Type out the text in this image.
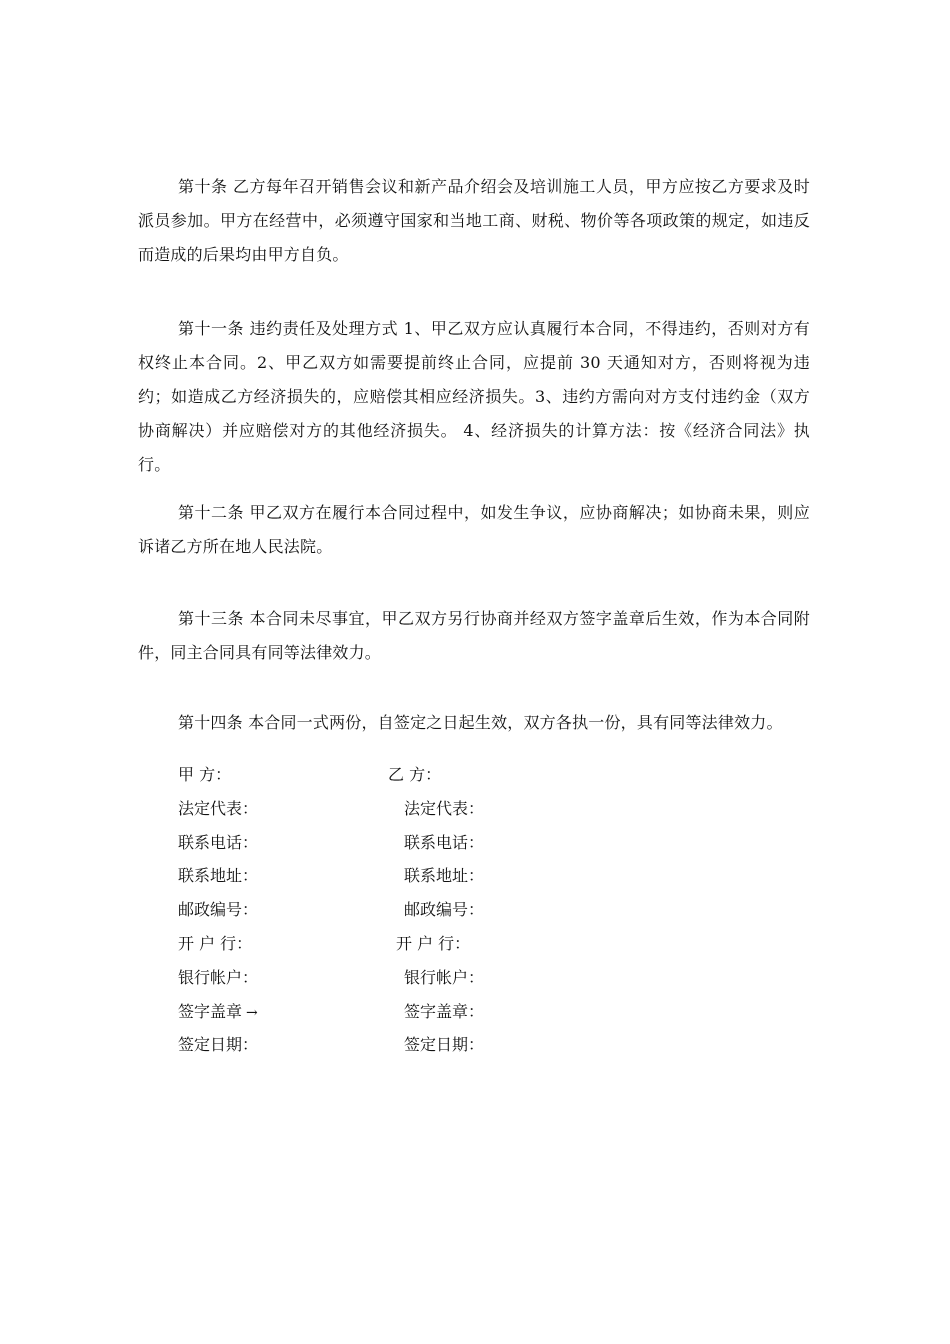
第十条 乙方每年召开销售会议和新产品介绍会及培训施工人员，甲方应按乙方要求及时派员参加。甲方在经营中，必须遵守国家和当地工商、财税、物价等各项政策的规定，如违反而造成的后果均由甲方自负。

第十一条 违约责任及处理方式 1、甲乙双方应认真履行本合同，不得违约，否则对方有权终止本合同。2、甲乙双方如需要提前终止合同，应提前 30 天通知对方，否则将视为违约；如造成乙方经济损失的，应赔偿其相应经济损失。3、违约方需向对方支付违约金（双方协商解决）并应赔偿对方的其他经济损失。 4、经济损失的计算方法：按《经济合同法》执行。

第十二条 甲乙双方在履行本合同过程中，如发生争议，应协商解决；如协商未果，则应诉诸乙方所在地人民法院。

第十三条 本合同未尽事宜，甲乙双方另行协商并经双方签字盖章后生效，作为本合同附件，同主合同具有同等法律效力。

第十四条 本合同一式两份，自签定之日起生效，双方各执一份，具有同等法律效力。

甲 方：	乙 方：
法定代表：	法定代表：
联系电话：	联系电话：
联系地址：	联系地址：
邮政编号：	邮政编号：
开 户 行：	开 户 行：
银行帐户：	银行帐户：
签字盖章 →	签字盖章：
签定日期：	签定日期：
